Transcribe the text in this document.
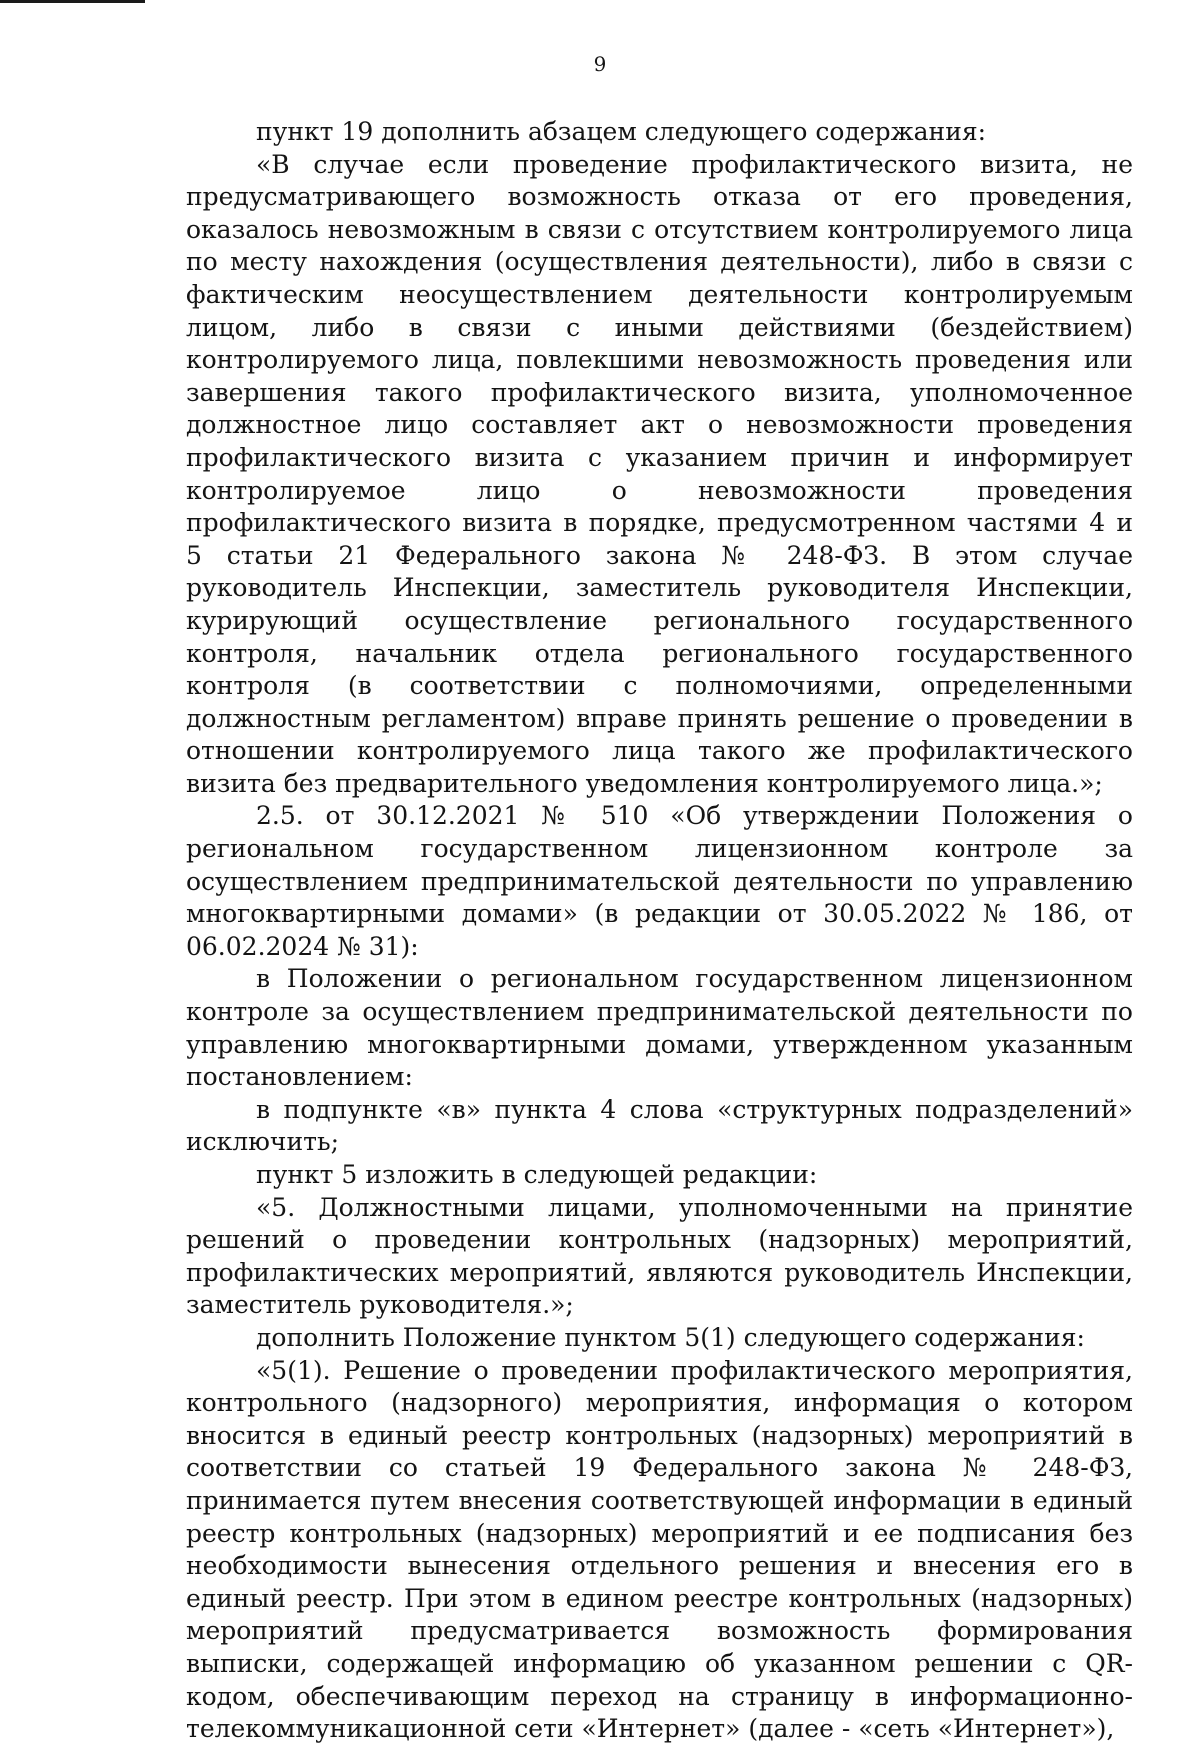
9

пункт 19 дополнить абзацем следующего содержания:

«В случае если проведение профилактического визита, не предусматривающего возможность отказа от его проведения, оказалось невозможным в связи с отсутствием контролируемого лица по месту нахождения (осуществления деятельности), либо в связи с фактическим неосуществлением деятельности контролируемым лицом, либо в связи с иными действиями (бездействием) контролируемого лица, повлекшими невозможность проведения или завершения такого профилактического визита, уполномоченное должностное лицо составляет акт о невозможности проведения профилактического визита с указанием причин и информирует контролируемое лицо о невозможности проведения профилактического визита в порядке, предусмотренном частями 4 и 5 статьи 21 Федерального закона № 248-ФЗ. В этом случае руководитель Инспекции, заместитель руководителя Инспекции, курирующий осуществление регионального государственного контроля, начальник отдела регионального государственного контроля (в соответствии с полномочиями, определенными должностным регламентом) вправе принять решение о проведении в отношении контролируемого лица такого же профилактического визита без предварительного уведомления контролируемого лица.»;

2.5. от 30.12.2021 № 510 «Об утверждении Положения о региональном государственном лицензионном контроле за осуществлением предпринимательской деятельности по управлению многоквартирными домами» (в редакции от 30.05.2022 № 186, от 06.02.2024 № 31):

в Положении о региональном государственном лицензионном контроле за осуществлением предпринимательской деятельности по управлению многоквартирными домами, утвержденном указанным постановлением:

в подпункте «в» пункта 4 слова «структурных подразделений» исключить;

пункт 5 изложить в следующей редакции:

«5. Должностными лицами, уполномоченными на принятие решений о проведении контрольных (надзорных) мероприятий, профилактических мероприятий, являются руководитель Инспекции, заместитель руководителя.»;

дополнить Положение пунктом 5(1) следующего содержания:

«5(1). Решение о проведении профилактического мероприятия, контрольного (надзорного) мероприятия, информация о котором вносится в единый реестр контрольных (надзорных) мероприятий в соответствии со статьей 19 Федерального закона № 248-ФЗ, принимается путем внесения соответствующей информации в единый реестр контрольных (надзорных) мероприятий и ее подписания без необходимости вынесения отдельного решения и внесения его в единый реестр. При этом в едином реестре контрольных (надзорных) мероприятий предусматривается возможность формирования выписки, содержащей информацию об указанном решении с QR-кодом, обеспечивающим переход на страницу в информационно-телекоммуникационной сети «Интернет» (далее - «сеть «Интернет»),
